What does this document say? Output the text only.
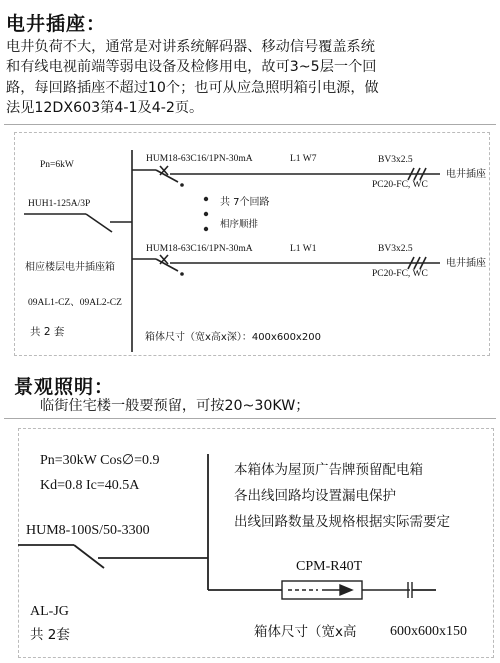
电井插座：
电井负荷不大，通常是对讲系统解码器、移动信号覆盖系统
和有线电视前端等弱电设备及检修用电，故可3~5层一个回
路，每回路插座不超过10个；也可从应急照明箱引电源，做
法见12DX603第4-1及4-2页。
Pn=6kW
HUH1-125A/3P
相应楼层电井插座箱
09AL1-CZ、09AL2-CZ
共 2 套	箱体尺寸（宽x高x深）：400x600x200
HUM18-63C16/1PN-30mA	L1 W7	BV3x2.5
PC20-FC, WC
电井插座
共 7个回路
相序顺排
HUM18-63C16/1PN-30mA	L1 W1	BV3x2.5
PC20-FC, WC
电井插座
景观照明：
临街住宅楼一般要预留，可按20~30KW；
Pn=30kW Cos∅=0.9
Kd=0.8 Ic=40.5A
HUM8-100S/50-3300
AL-JG
共 2套
本箱体为屋顶广告牌预留配电箱
各出线回路均设置漏电保护
出线回路数量及规格根据实际需要定
CPM-R40T
箱体尺寸（宽x高 600x600x150
